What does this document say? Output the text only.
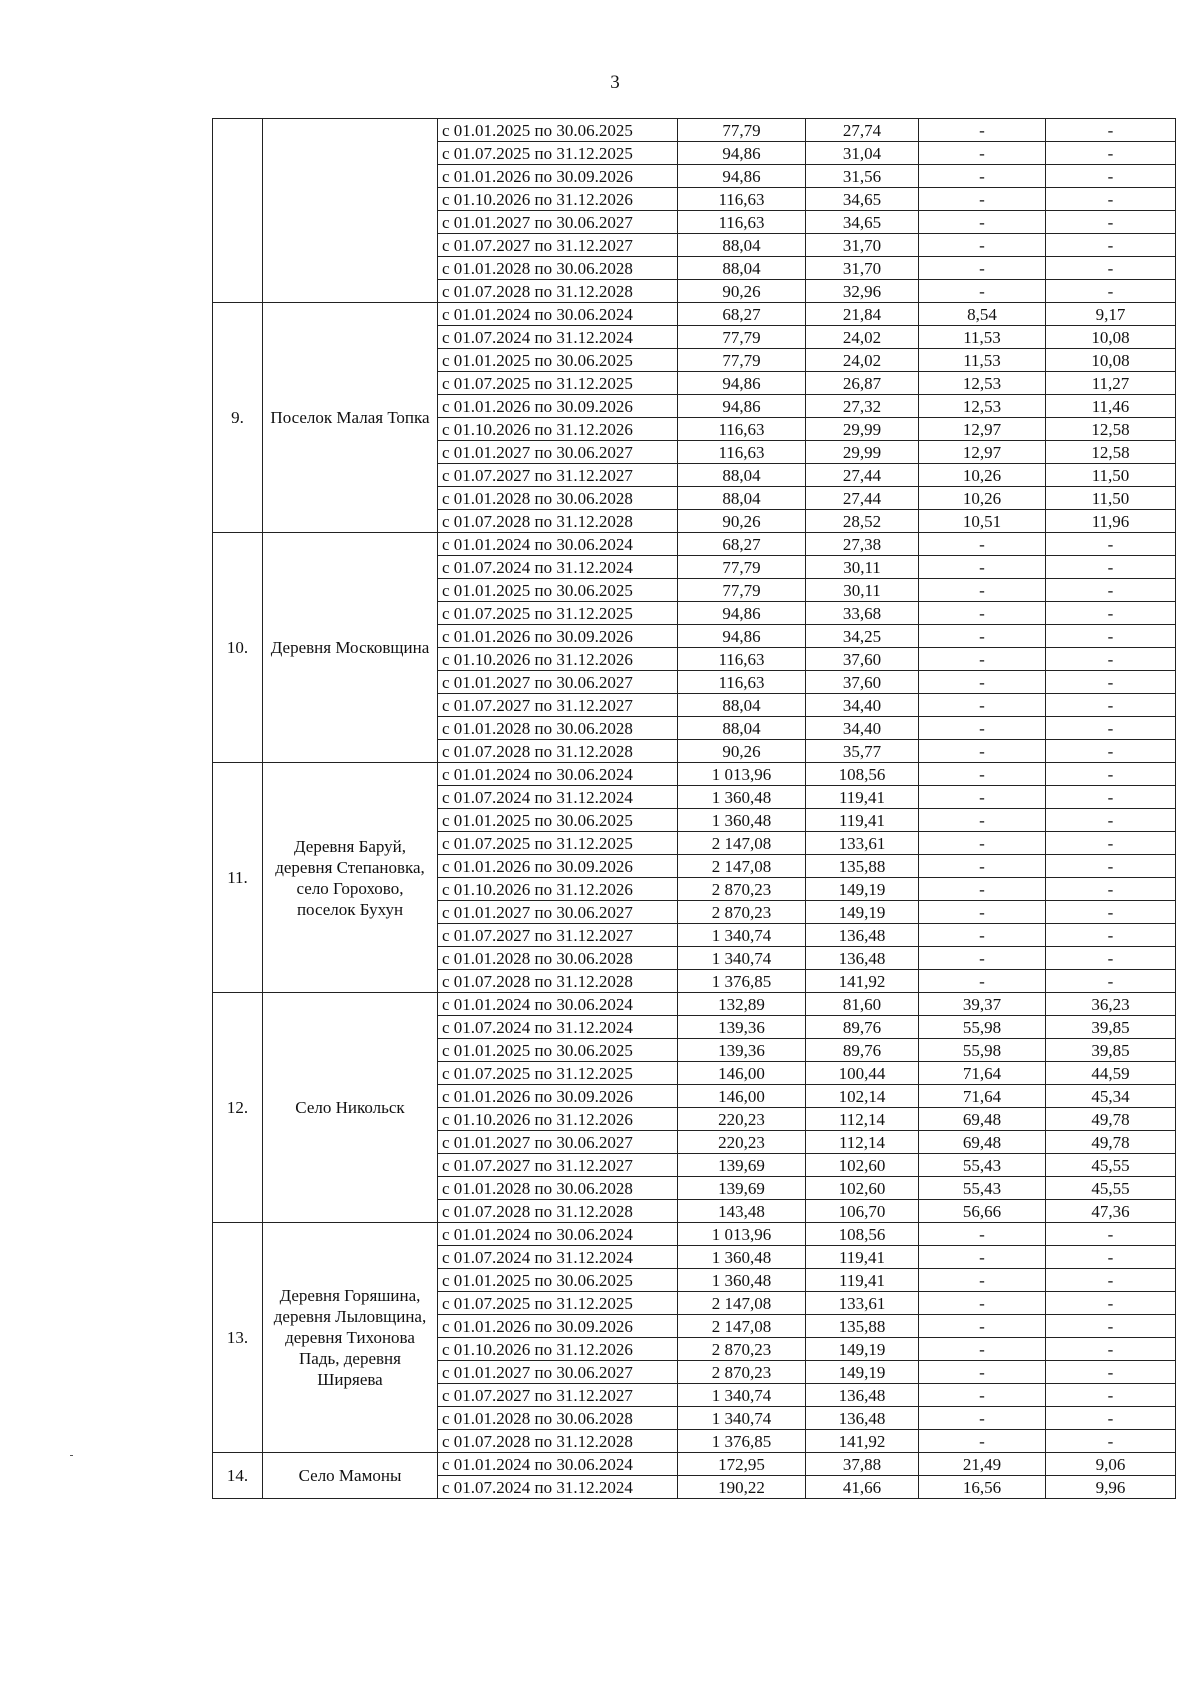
3
		с 01.01.2025 по 30.06.2025	77,79	27,74	-	-
		с 01.07.2025 по 31.12.2025	94,86	31,04	-	-
		с 01.01.2026 по 30.09.2026	94,86	31,56	-	-
		с 01.10.2026 по 31.12.2026	116,63	34,65	-	-
		с 01.01.2027 по 30.06.2027	116,63	34,65	-	-
		с 01.07.2027 по 31.12.2027	88,04	31,70	-	-
		с 01.01.2028 по 30.06.2028	88,04	31,70	-	-
		с 01.07.2028 по 31.12.2028	90,26	32,96	-	-
9.	Поселок Малая Топка	с 01.01.2024 по 30.06.2024	68,27	21,84	8,54	9,17
		с 01.07.2024 по 31.12.2024	77,79	24,02	11,53	10,08
		с 01.01.2025 по 30.06.2025	77,79	24,02	11,53	10,08
		с 01.07.2025 по 31.12.2025	94,86	26,87	12,53	11,27
		с 01.01.2026 по 30.09.2026	94,86	27,32	12,53	11,46
		с 01.10.2026 по 31.12.2026	116,63	29,99	12,97	12,58
		с 01.01.2027 по 30.06.2027	116,63	29,99	12,97	12,58
		с 01.07.2027 по 31.12.2027	88,04	27,44	10,26	11,50
		с 01.01.2028 по 30.06.2028	88,04	27,44	10,26	11,50
		с 01.07.2028 по 31.12.2028	90,26	28,52	10,51	11,96
10.	Деревня Московщина	с 01.01.2024 по 30.06.2024	68,27	27,38	-	-
		с 01.07.2024 по 31.12.2024	77,79	30,11	-	-
		с 01.01.2025 по 30.06.2025	77,79	30,11	-	-
		с 01.07.2025 по 31.12.2025	94,86	33,68	-	-
		с 01.01.2026 по 30.09.2026	94,86	34,25	-	-
		с 01.10.2026 по 31.12.2026	116,63	37,60	-	-
		с 01.01.2027 по 30.06.2027	116,63	37,60	-	-
		с 01.07.2027 по 31.12.2027	88,04	34,40	-	-
		с 01.01.2028 по 30.06.2028	88,04	34,40	-	-
		с 01.07.2028 по 31.12.2028	90,26	35,77	-	-
11.	Деревня Баруй, деревня Степановка, село Горохово, поселок Бухун	с 01.01.2024 по 30.06.2024	1 013,96	108,56	-	-
		с 01.07.2024 по 31.12.2024	1 360,48	119,41	-	-
		с 01.01.2025 по 30.06.2025	1 360,48	119,41	-	-
		с 01.07.2025 по 31.12.2025	2 147,08	133,61	-	-
		с 01.01.2026 по 30.09.2026	2 147,08	135,88	-	-
		с 01.10.2026 по 31.12.2026	2 870,23	149,19	-	-
		с 01.01.2027 по 30.06.2027	2 870,23	149,19	-	-
		с 01.07.2027 по 31.12.2027	1 340,74	136,48	-	-
		с 01.01.2028 по 30.06.2028	1 340,74	136,48	-	-
		с 01.07.2028 по 31.12.2028	1 376,85	141,92	-	-
12.	Село Никольск	с 01.01.2024 по 30.06.2024	132,89	81,60	39,37	36,23
		с 01.07.2024 по 31.12.2024	139,36	89,76	55,98	39,85
		с 01.01.2025 по 30.06.2025	139,36	89,76	55,98	39,85
		с 01.07.2025 по 31.12.2025	146,00	100,44	71,64	44,59
		с 01.01.2026 по 30.09.2026	146,00	102,14	71,64	45,34
		с 01.10.2026 по 31.12.2026	220,23	112,14	69,48	49,78
		с 01.01.2027 по 30.06.2027	220,23	112,14	69,48	49,78
		с 01.07.2027 по 31.12.2027	139,69	102,60	55,43	45,55
		с 01.01.2028 по 30.06.2028	139,69	102,60	55,43	45,55
		с 01.07.2028 по 31.12.2028	143,48	106,70	56,66	47,36
13.	Деревня Горяшина, деревня Лыловщина, деревня Тихонова Падь, деревня Ширяева	с 01.01.2024 по 30.06.2024	1 013,96	108,56	-	-
		с 01.07.2024 по 31.12.2024	1 360,48	119,41	-	-
		с 01.01.2025 по 30.06.2025	1 360,48	119,41	-	-
		с 01.07.2025 по 31.12.2025	2 147,08	133,61	-	-
		с 01.01.2026 по 30.09.2026	2 147,08	135,88	-	-
		с 01.10.2026 по 31.12.2026	2 870,23	149,19	-	-
		с 01.01.2027 по 30.06.2027	2 870,23	149,19	-	-
		с 01.07.2027 по 31.12.2027	1 340,74	136,48	-	-
		с 01.01.2028 по 30.06.2028	1 340,74	136,48	-	-
		с 01.07.2028 по 31.12.2028	1 376,85	141,92	-	-
14.	Село Мамоны	с 01.01.2024 по 30.06.2024	172,95	37,88	21,49	9,06
		с 01.07.2024 по 31.12.2024	190,22	41,66	16,56	9,96
